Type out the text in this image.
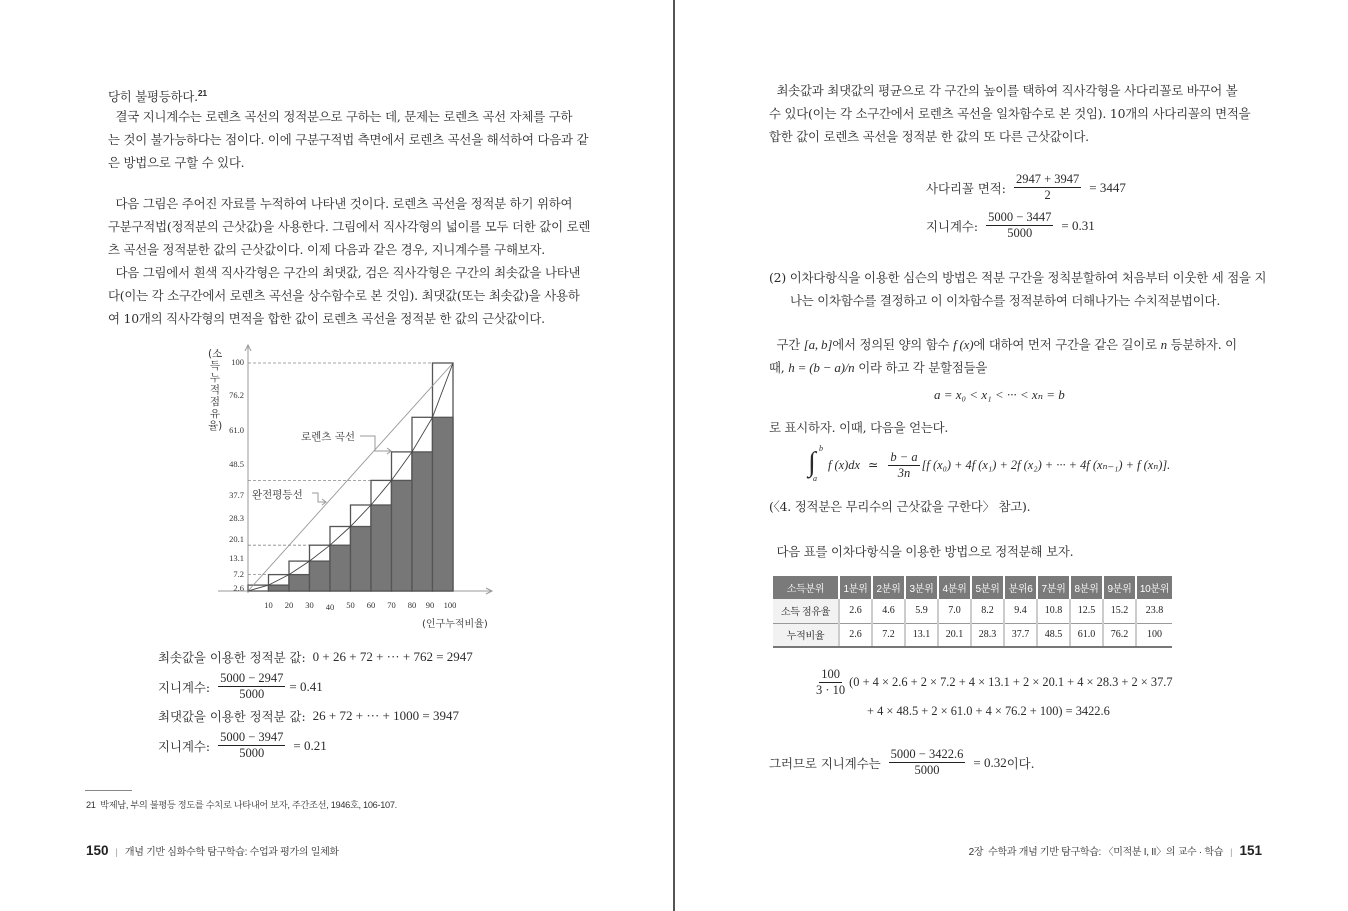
당히 불평등하다.$^{21}$
결국 지니계수는 로렌츠 곡선의 정적분으로 구하는 데, 문제는 로렌츠 곡선 자체를 구하
는 것이 불가능하다는 점이다. 이에 구분구적법 측면에서 로렌츠 곡선을 해석하여 다음과 같
은 방법으로 구할 수 있다.
다음 그림은 주어진 자료를 누적하여 나타낸 것이다. 로렌츠 곡선을 정적분 하기 위하여
구분구적법(정적분의 근삿값)을 사용한다. 그림에서 직사각형의 넓이를 모두 더한 값이 로렌
츠 곡선을 정적분한 값의 근삿값이다. 이제 다음과 같은 경우, 지니계수를 구해보자.
다음 그림에서 흰색 직사각형은 구간의 최댓값, 검은 직사각형은 구간의 최솟값을 나타낸
다(이는 각 소구간에서 로렌츠 곡선을 상수함수로 본 것임). 최댓값(또는 최솟값)을 사용하
여 10개의 직사각형의 면적을 합한 값이 로렌츠 곡선을 정적분 한 값의 근삿값이다.
(소득 누적 점유율)
100
76.2
61.0
48.5
37.7
28.3
20.1
13.1
7.2
2.6
10	20	30	40	50	60	70	80	90	100
(인구누적비율)
로렌츠 곡선
완전평등선
최솟값을 이용한 정적분 값: 0 + 26 + 72 + ··· + 762 = 2947
지니계수: $\frac{5000 - 2947}{5000} = 0.41$
최댓값을 이용한 정적분 값: 26 + 72 + ··· + 1000 = 3947
지니계수: $\frac{5000 - 3947}{5000} = 0.21$
21  박제남, 부의 불평등 정도를 수치로 나타내어 보자, 주간조선, 1946호, 106-107.
150 | 개념 기반 심화수학 탐구학습: 수업과 평가의 일체화
최솟값과 최댓값의 평균으로 각 구간의 높이를 택하여 직사각형을 사다리꼴로 바꾸어 볼
수 있다(이는 각 소구간에서 로렌츠 곡선을 일차함수로 본 것임). 10개의 사다리꼴의 면적을
합한 값이 로렌츠 곡선을 정적분 한 값의 또 다른 근삿값이다.
사다리꼴 면적: $\frac{2947 + 3947}{2} = 3447$
지니계수: $\frac{5000 - 3447}{5000} = 0.31$
(2) 이차다항식을 이용한 심슨의 방법은 적분 구간을 정칙분할하여 처음부터 이웃한 세 점을 지
나는 이차함수를 결정하고 이 이차함수를 정적분하여 더해나가는 수치적분법이다.
구간 [a, b]에서 정의된 양의 함수 f (x)에 대하여 먼저 구간을 같은 길이로 n 등분하자. 이
때, h = (b − a)/n 이라 하고 각 분할점들을
a = x₀ < x₁ < ··· < xₙ = b
로 표시하자. 이때, 다음을 얻는다.
∫ b
a
f (x)dx ≃ $\frac{b - a}{3n} [f$ (x₀) + 4f (x₁) + 2f (x₂) + ··· + 4f (xₙ₋₁) + f (xₙ)].
(〈4. 정적분은 무리수의 근삿값을 구한다〉 참고).
다음 표를 이차다항식을 이용한 방법으로 정적분해 보자.
소득분위	1분위	2분위	3분위	4분위	5분위	분위6	7분위	8분위	9분위	10분위
소득 점유율	2.6	4.6	5.9	7.0	8.2	9.4	10.8	12.5	15.2	23.8
누적비율	2.6	7.2	13.1	20.1	28.3	37.7	48.5	61.0	76.2	100
$\frac{100}{3 \cdot 10} (0 + 4 \times 2.6 + 2 \times 7.2 + 4 \times 13.1 + 2 \times 20.1 + 4 \times 28.3 + 2 \times 37.7$
+ 4 × 48.5 + 2 × 61.0 + 4 × 76.2 + 100) = 3422.6
그러므로 지니계수는 $\frac{5000 - 3422.6}{5000} = 0.32$ 이다.
2장  수학과 개념 기반 탐구학습: 〈미적분 I, II〉의 교수 · 학습 | 151
